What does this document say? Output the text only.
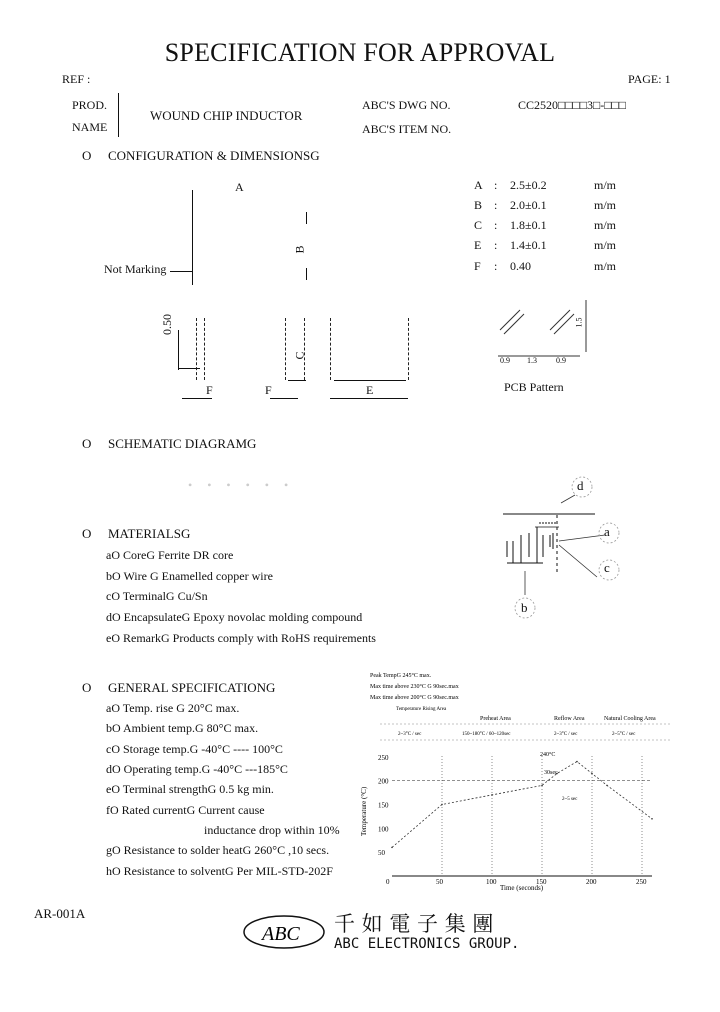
SPECIFICATION FOR APPROVAL
REF :	PAGE: 1
PROD.
NAME
WOUND CHIP INDUCTOR
ABC'S DWG NO.	CC2520□□□□3□-□□□
ABC'S ITEM NO.
O CONFIGURATION & DIMENSIONSG
A
B
Not Marking
0.50
F
C
F	E
A : 2.5±0.2	m/m
B : 2.0±0.1	m/m
C : 1.8±0.1	m/m
E : 1.4±0.1	m/m
F : 0.40	m/m
0.9 1.3 0.9
1.5
PCB Pattern
O SCHEMATIC DIAGRAMG
• • • • • •
O MATERIALSG
aO CoreG Ferrite DR core
bO Wire G Enamelled copper wire
cO TerminalG Cu/Sn
dO EncapsulateG Epoxy novolac molding compound
eO RemarkG Products comply with RoHS requirements
d
a
c
b
O GENERAL SPECIFICATIONG
aO Temp. rise G 20°C max.
bO Ambient temp.G 80°C max.
cO Storage temp.G -40°C ---- 100°C
dO Operating temp.G -40°C ---185°C
eO Terminal strengthG 0.5 kg min.
fO Rated currentG Current cause
inductance drop within 10%
gO Resistance to solder heatG 260°C ,10 secs.
hO Resistance to solventG Per MIL-STD-202F
Peak TempG 245°C max.
Max time above 230°C G 90sec.max
Max time above 200°C G 90sec.max
Temperature Rising Area
Preheat Area	Reflow Area	Natural Cooling Area
2~3°C / sec	150~180°C / 60~120sec	2~3°C / sec	2~5°C / sec
0	50	100	150	200	250
50
100
150
200
250	240°C
30sec
2~5 sec
Time (seconds)
Temperature (°C)
AR-001A
ABC 千 如 電 子 集 團
ABC ELECTRONICS GROUP.
